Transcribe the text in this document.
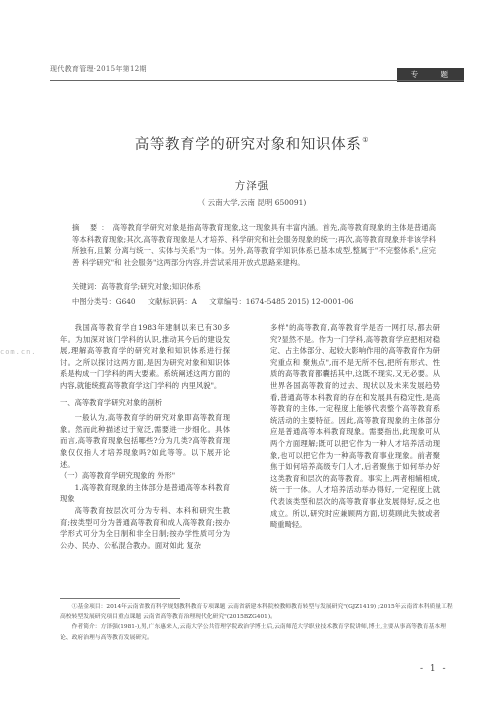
现代教育管理·2015年第12期
专 题
高等教育学的研究对象和知识体系①
方泽强
（ 云南大学,云南 昆明 650091)
摘 要：高等教育学研究对象是指高等教育现象,这一现象具有丰富内涵。首先,高等教育现象的主体是普通高等本科教育现象;其次,高等教育现象是人才培养、科学研究和社会服务现象的统一;再次,高等教育现象并非该学科所独有,且繁 分离与统一、实体与关系"为一体。另外,高等教育学知识体系已基本成型,整属于"不完整体系",应完善 科学研究"和 社会服务"这两部分内容,并尝试采用开放式思路来建构。
关键词：高等教育学;研究对象;知识体系
中图分类号：G640 文献标识码：A 文章编号：1674-5485 2015) 12-0001-06

我国高等教育学自1983年建制以来已有30多年。为加深对该门学科的认识,推动其今后的建设发展,理解高等教育学的研究对象和知识体系进行探讨。之所以探讨这两方面,是因为研究对象和知识体系是构成一门学科的两大要素。系统阐述这两方面的内容,就能统揽高等教育学这门学科的 内里风貌"。

一、高等教育学研究对象的剖析

一般认为,高等教育学的研究对象即高等教育现象。然而此种描述过于宽泛,需要进一步细化。具体而言,高等教育现象包括哪些?分为几类?高等教育现象仅仅指人才培养现象吗?如此等等。以下展开论述。

（一）高等教育学研究现象的 外形"

1.高等教育现象的主体部分是普通高等本科教育现象

高等教育按层次可分为专科、本科和研究生教育;按类型可分为普通高等教育和成人高等教育;按办学形式可分为全日制和非全日制;按办学性质可分为公办、民办、公私混合教办。面对如此 复杂

多样"的高等教育,高等教育学是否一网打尽,都去研究?显然不是。作为一门学科,高等教育学应把相对稳定、占主体部分、起较大影响作用的高等教育作为研究重点和 聚焦点",而不是无所不包,把所有形式、性质的高等教育都囊括其中,这既不现实,又无必要。从世界各国高等教育的过去、现状以及未来发展趋势看,普通高等本科教育的存在和发展具有稳定性,是高等教育的主体,一定程度上能够代表整个高等教育系统活动的主要特征。因此,高等教育现象的主体部分应是普通高等本科教育现象。需要指出,此现象可从两个方面理解;既可以把它作为一种人才培养活动现象,也可以把它作为一种高等教育事业现象。前者聚焦于如何培养高级专门人才,后者聚焦于如何举办好这类教育和层次的高等教育。事实上,两者相辅相成,统一于一体。人才培养活动举办得好,一定程度上就代表该类型和层次的高等教育事业发展得好,反之也成立。所以,研究时应兼顾两方面,切莫顾此失彼或者畸重畸轻。

com.cn.

①基金项目：2014年云南省教育科学规划教科教育专项课题 云南省新建本科院校教师教育转型与发展研究"(GJZ1419) ;2015年云南省本科质量工程高校转型发展研究项目重点课题 云南省高等教育治理现代化研究"(2015BZG401)。

作者简介：方泽强(1981-),男,广东惠来人,云南大学公共管理学院政治学博士后,云南师范大学职业技术教育学院讲师,博士,主要从事高等教育基本理论、政府治理与高等教育发展研究。

- 1 -
